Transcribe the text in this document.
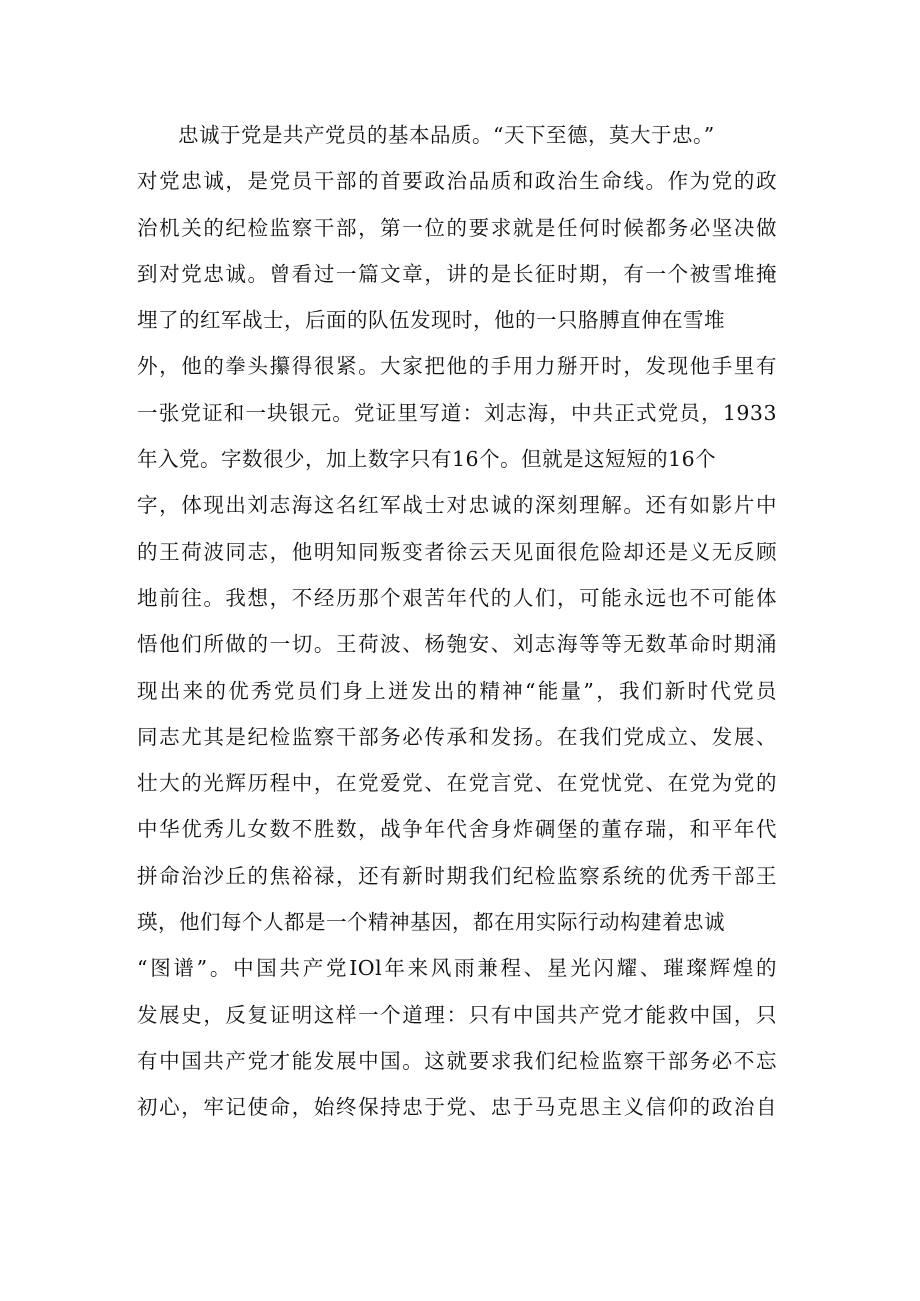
忠诚于党是共产党员的基本品质。“天下至德，莫大于忠。”
对党忠诚，是党员干部的首要政治品质和政治生命线。作为党的政
治机关的纪检监察干部，第一位的要求就是任何时候都务必坚决做
到对党忠诚。曾看过一篇文章，讲的是长征时期，有一个被雪堆掩
埋了的红军战士，后面的队伍发现时，他的一只胳膊直伸在雪堆
外，他的拳头攥得很紧。大家把他的手用力掰开时，发现他手里有
一张党证和一块银元。党证里写道：刘志海，中共正式党员，1933
年入党。字数很少，加上数字只有16个。但就是这短短的16个
字，体现出刘志海这名红军战士对忠诚的深刻理解。还有如影片中
的王荷波同志，他明知同叛变者徐云天见面很危险却还是义无反顾
地前往。我想，不经历那个艰苦年代的人们，可能永远也不可能体
悟他们所做的一切。王荷波、杨匏安、刘志海等等无数革命时期涌
现出来的优秀党员们身上迸发出的精神“能量”，我们新时代党员
同志尤其是纪检监察干部务必传承和发扬。在我们党成立、发展、
壮大的光辉历程中，在党爱党、在党言党、在党忧党、在党为党的
中华优秀儿女数不胜数，战争年代舍身炸碉堡的董存瑞，和平年代
拼命治沙丘的焦裕禄，还有新时期我们纪检监察系统的优秀干部王
瑛，他们每个人都是一个精神基因，都在用实际行动构建着忠诚
“图谱”。中国共产党IOl年来风雨兼程、星光闪耀、璀璨辉煌的
发展史，反复证明这样一个道理：只有中国共产党才能救中国，只
有中国共产党才能发展中国。这就要求我们纪检监察干部务必不忘
初心，牢记使命，始终保持忠于党、忠于马克思主义信仰的政治自
